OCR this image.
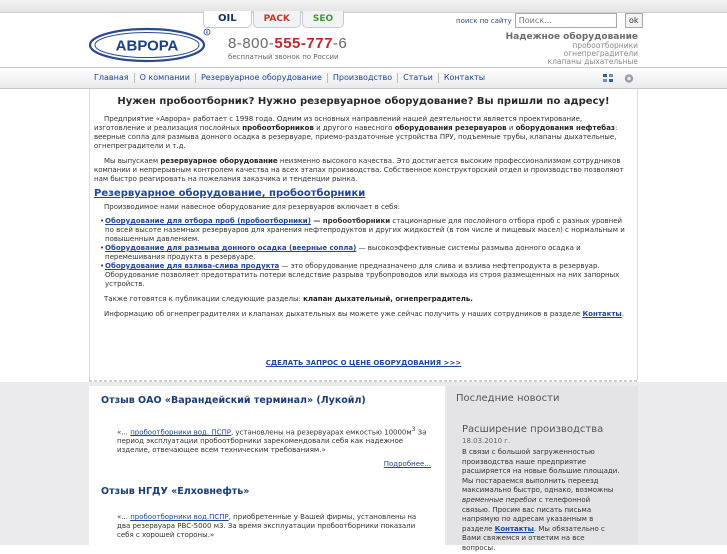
OIL	PACK	SEO	поиск по сайту
Поиск...	ok
АВРОРА
R
8-800-555-777-6
бесплатный звонок по России
Надежное оборудование
пробоотборники
огнепреградители
клапаны дыхательные
Главная	О компании	Резервуарное оборудование	Производство	Статьи	Контакты
Нужен пробоотборник? Нужно резервуарное оборудование? Вы пришли по адресу!

Предприятие «Аврора» работает с 1998 года. Одним из основных направлений нашей деятельности является проектирование, изготовление и реализация послойных пробоотборников и другого навесного оборудования резервуаров и оборудования нефтебаз: веерные сопла для размыва донного осадка в резервуаре, приемо-раздаточные устройства ПРУ, подъемные трубы, клапаны дыхательные, огнепреградители и т.д.

Мы выпускаем резервуарное оборудование неизменно высокого качества. Это достигается высоким профессионализмом сотрудников компании и непрерывным контролем качества на всех этапах производства. Собственное конструкторский отдел и производство позволяют нам быстро реагировать на пожелания заказчика и тенденции рынка.

Резервуарное оборудование, пробоотборники

Производимое нами навесное оборудование для резервуаров включает в себя:

• Оборудование для отбора проб (пробоотборники) — пробоотборники стационарные для послойного отбора проб с разных уровней по всей высоте наземных резервуаров для хранения нефтепродуктов и других жидкостей (в том числе и пищевых масел) с нормальным и повышенным давлением.
• Оборудование для размыва донного осадка (веерные сопла) — высокоэффективные системы размыва донного осадка и перемешивания продукта в резервуаре.
• Оборудование для взлива-слива продукта — это оборудование предназначено для слива и взлива нефтепродукта в резервуар. Оборудование позволяет предотвратить потери вследствие разрыва трубопроводов или выхода из строя размещенных на них запорных устройств.

Также готовятся к публикации следующие разделы: клапан дыхательный, огнепреградитель.

Информацию об огнепреградителях и клапанах дыхательных вы можете уже сейчас получить у наших сотрудников в разделе Контакты.

СДЕЛАТЬ ЗАПРОС О ЦЕНЕ ОБОРУДОВАНИЯ >>>
Отзыв ОАО «Варандейский терминал» (Лукойл)

«... пробоотборники вод. ПСПР, установлены на резервуарах емкостью $10000м^3$ За период эксплуатации пробоотборники зарекомендовали себя как надежное изделие, отвечающее всем техническим требованиям.»

Подробнее...
Отзыв НГДУ «Елховнефть»

«... пробоотборники вод.ПСПР, приобретенные у Вашей фирмы, установлены на два резервуара РВС-5000 м3. За время эксплуатации пробоотборники показали себя с хорошей стороны.»

Последние новости
Расширение производства
18.03.2010 г.

В связи с большой загруженностью производства наше предприятие расширяется на новые большие площади. Мы постараемся выполнить переезд максимально быстро, однако, возможны временные перебои с телефонной связью. Просим вас писать письма напрямую по адресам указанным в разделе Контакты. Мы обязательно с Вами свяжемся и ответим на все вопросы.
